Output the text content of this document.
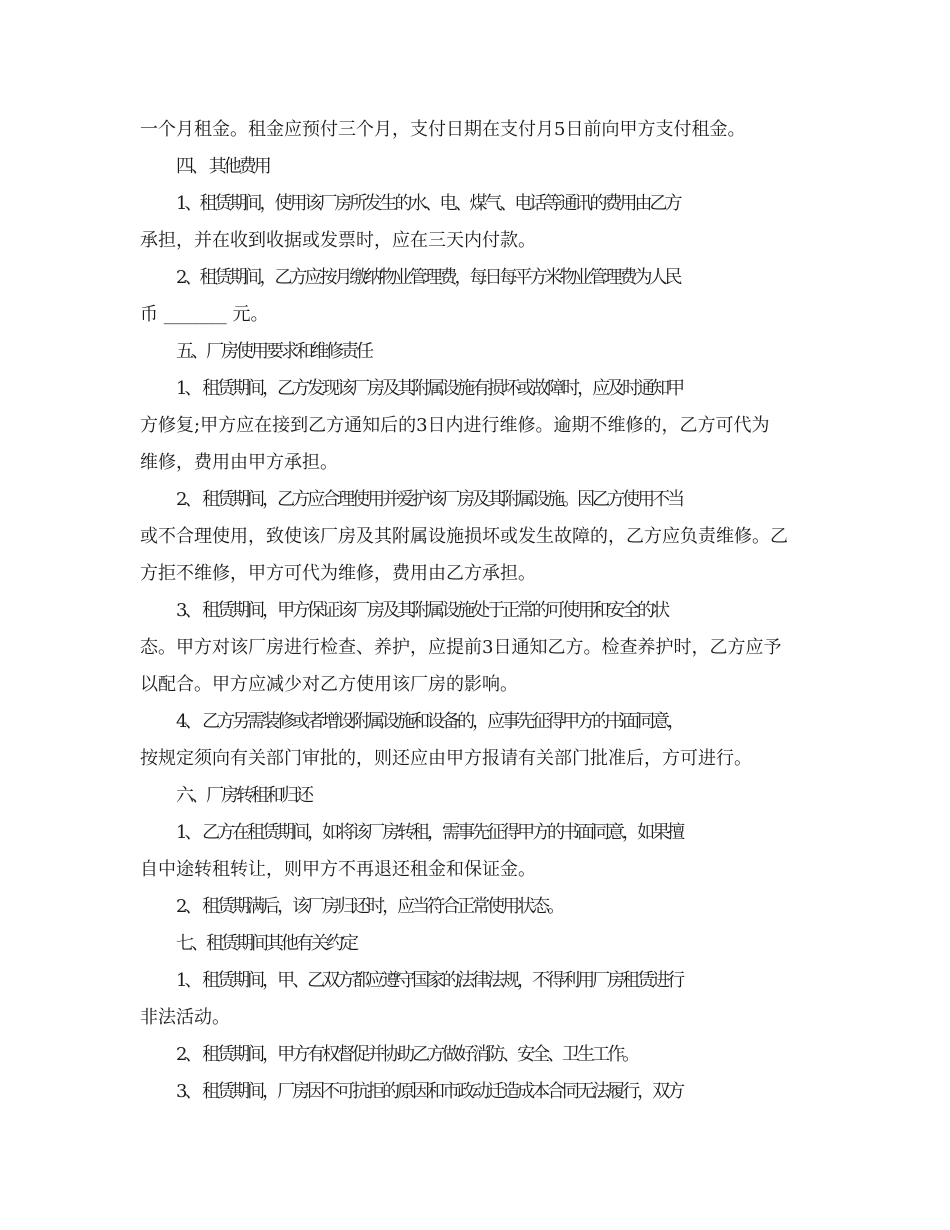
一个月租金。租金应预付三个月，支付日期在支付月5日前向甲方支付租金。
四、 其他费用
1、租赁期间，使用该厂房所发生的水、电、煤气、电话等通讯的费用由乙方
承担，并在收到收据或发票时，应在三天内付款。
2、租赁期间，乙方应按月缴纳物业管理费，每日每平方米物业管理费为人民
币 _______ 元。
五、厂房使用要求和维修责任
1、 租赁期间，乙方发现该厂房及其附属设施有损坏或故障时，应及时通知甲
方修复;甲方应在接到乙方通知后的3日内进行维修。逾期不维修的，乙方可代为
维修，费用由甲方承担。
2、 租赁期间，乙方应合理使用并爱护该厂房及其附属设施。因乙方使用不当
或不合理使用，致使该厂房及其附属设施损坏或发生故障的，乙方应负责维修。乙
方拒不维修，甲方可代为维修，费用由乙方承担。
3、 租赁期间，甲方保证该厂房及其附属设施处于正常的可使用和安全的状
态。甲方对该厂房进行检查、养护，应提前3日通知乙方。检查养护时，乙方应予
以配合。甲方应减少对乙方使用该厂房的影响。
4、 乙方另需装修或者增设附属设施和设备的，应事先征得甲方的书面同意，
按规定须向有关部门审批的，则还应由甲方报请有关部门批准后，方可进行。
六、厂房转租和归还
1、 乙方在租赁期间，如将该厂房转租，需事先征得甲方的书面同意，如果擅
自中途转租转让，则甲方不再退还租金和保证金。
2、 租赁期满后，该厂房归还时，应当符合正常使用状态。
七、租赁期间其他有关约定
1、 租赁期间，甲、乙双方都应遵守国家的法律法规，不得利用厂房租赁进行
非法活动。
2、 租赁期间，甲方有权督促并协助乙方做好消防、安全、卫生工作。
3、 租赁期间，厂房因不可抗拒的原因和市政动迁造成本合同无法履行，双方
